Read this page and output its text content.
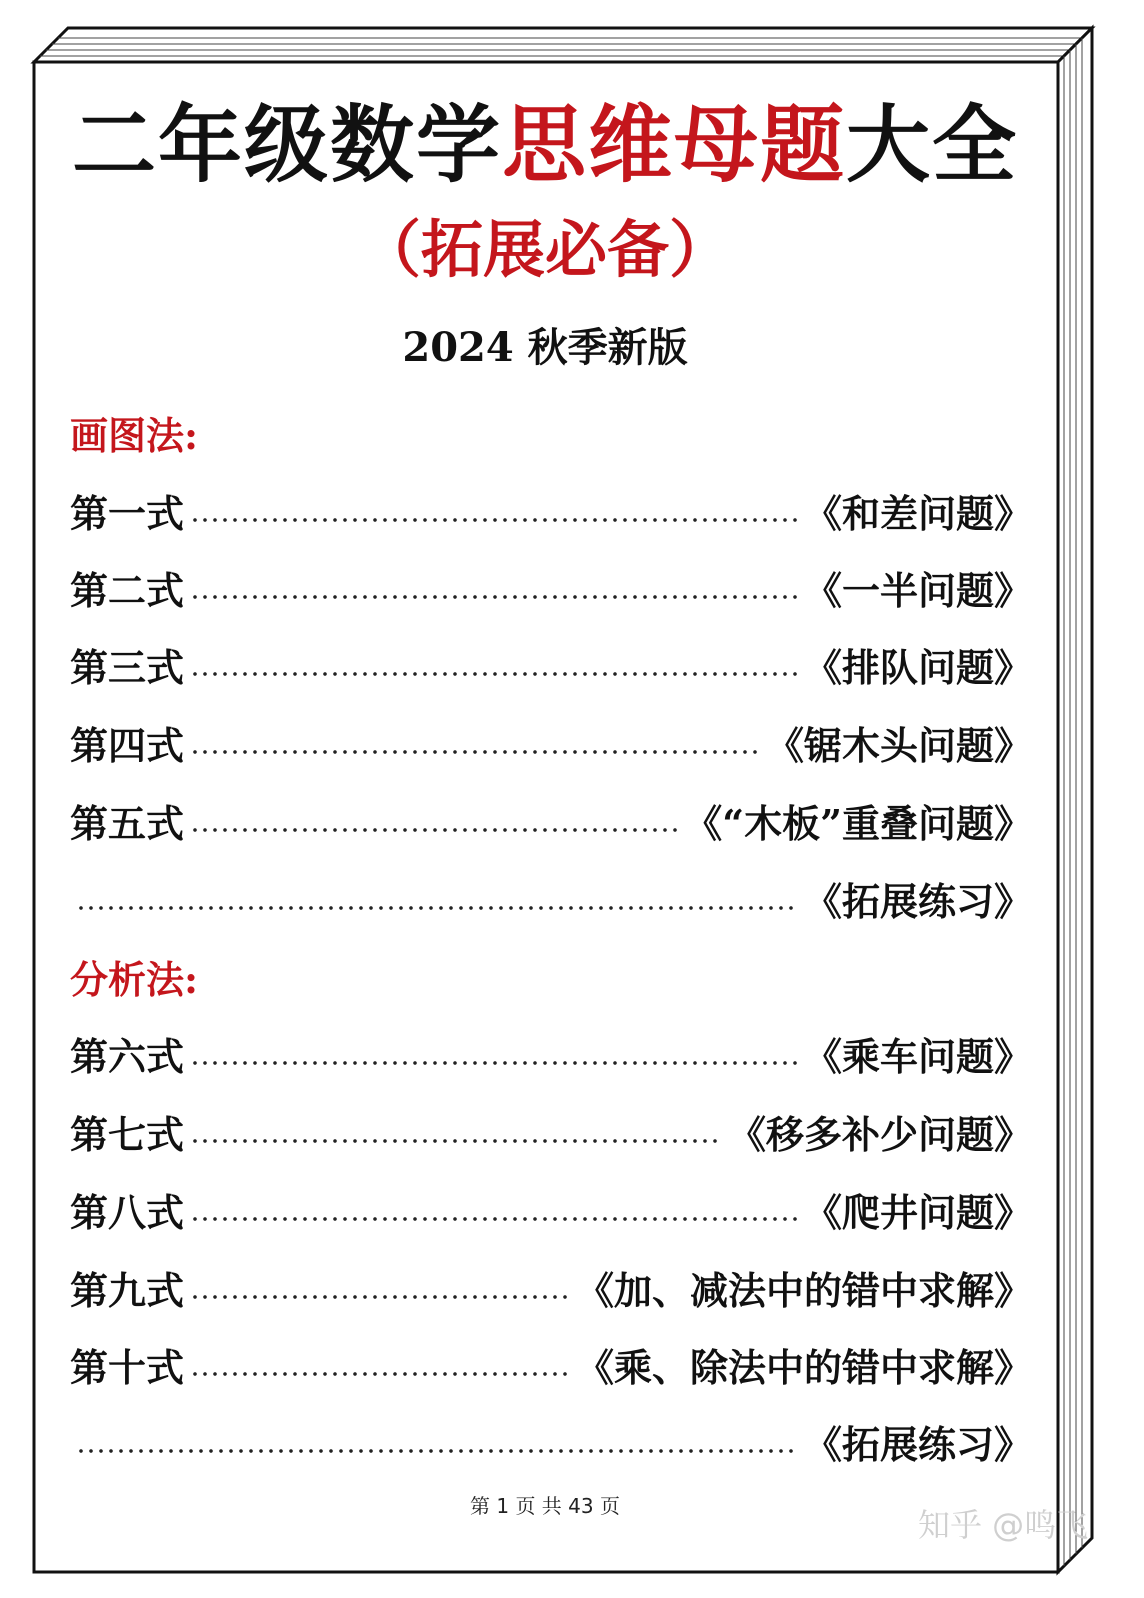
二年级数学思维母题大全
（拓展必备）
2024 秋季新版
画图法:
第一式	《和差问题》
第二式	《一半问题》
第三式	《排队问题》
第四式	《锯木头问题》
第五式	《“木板”重叠问题》
《拓展练习》
分析法:
第六式	《乘车问题》
第七式	《移多补少问题》
第八式	《爬井问题》
第九式	《加、减法中的错中求解》
第十式	《乘、除法中的错中求解》
《拓展练习》
第 1 页 共 43 页	知乎 @鸣飞
